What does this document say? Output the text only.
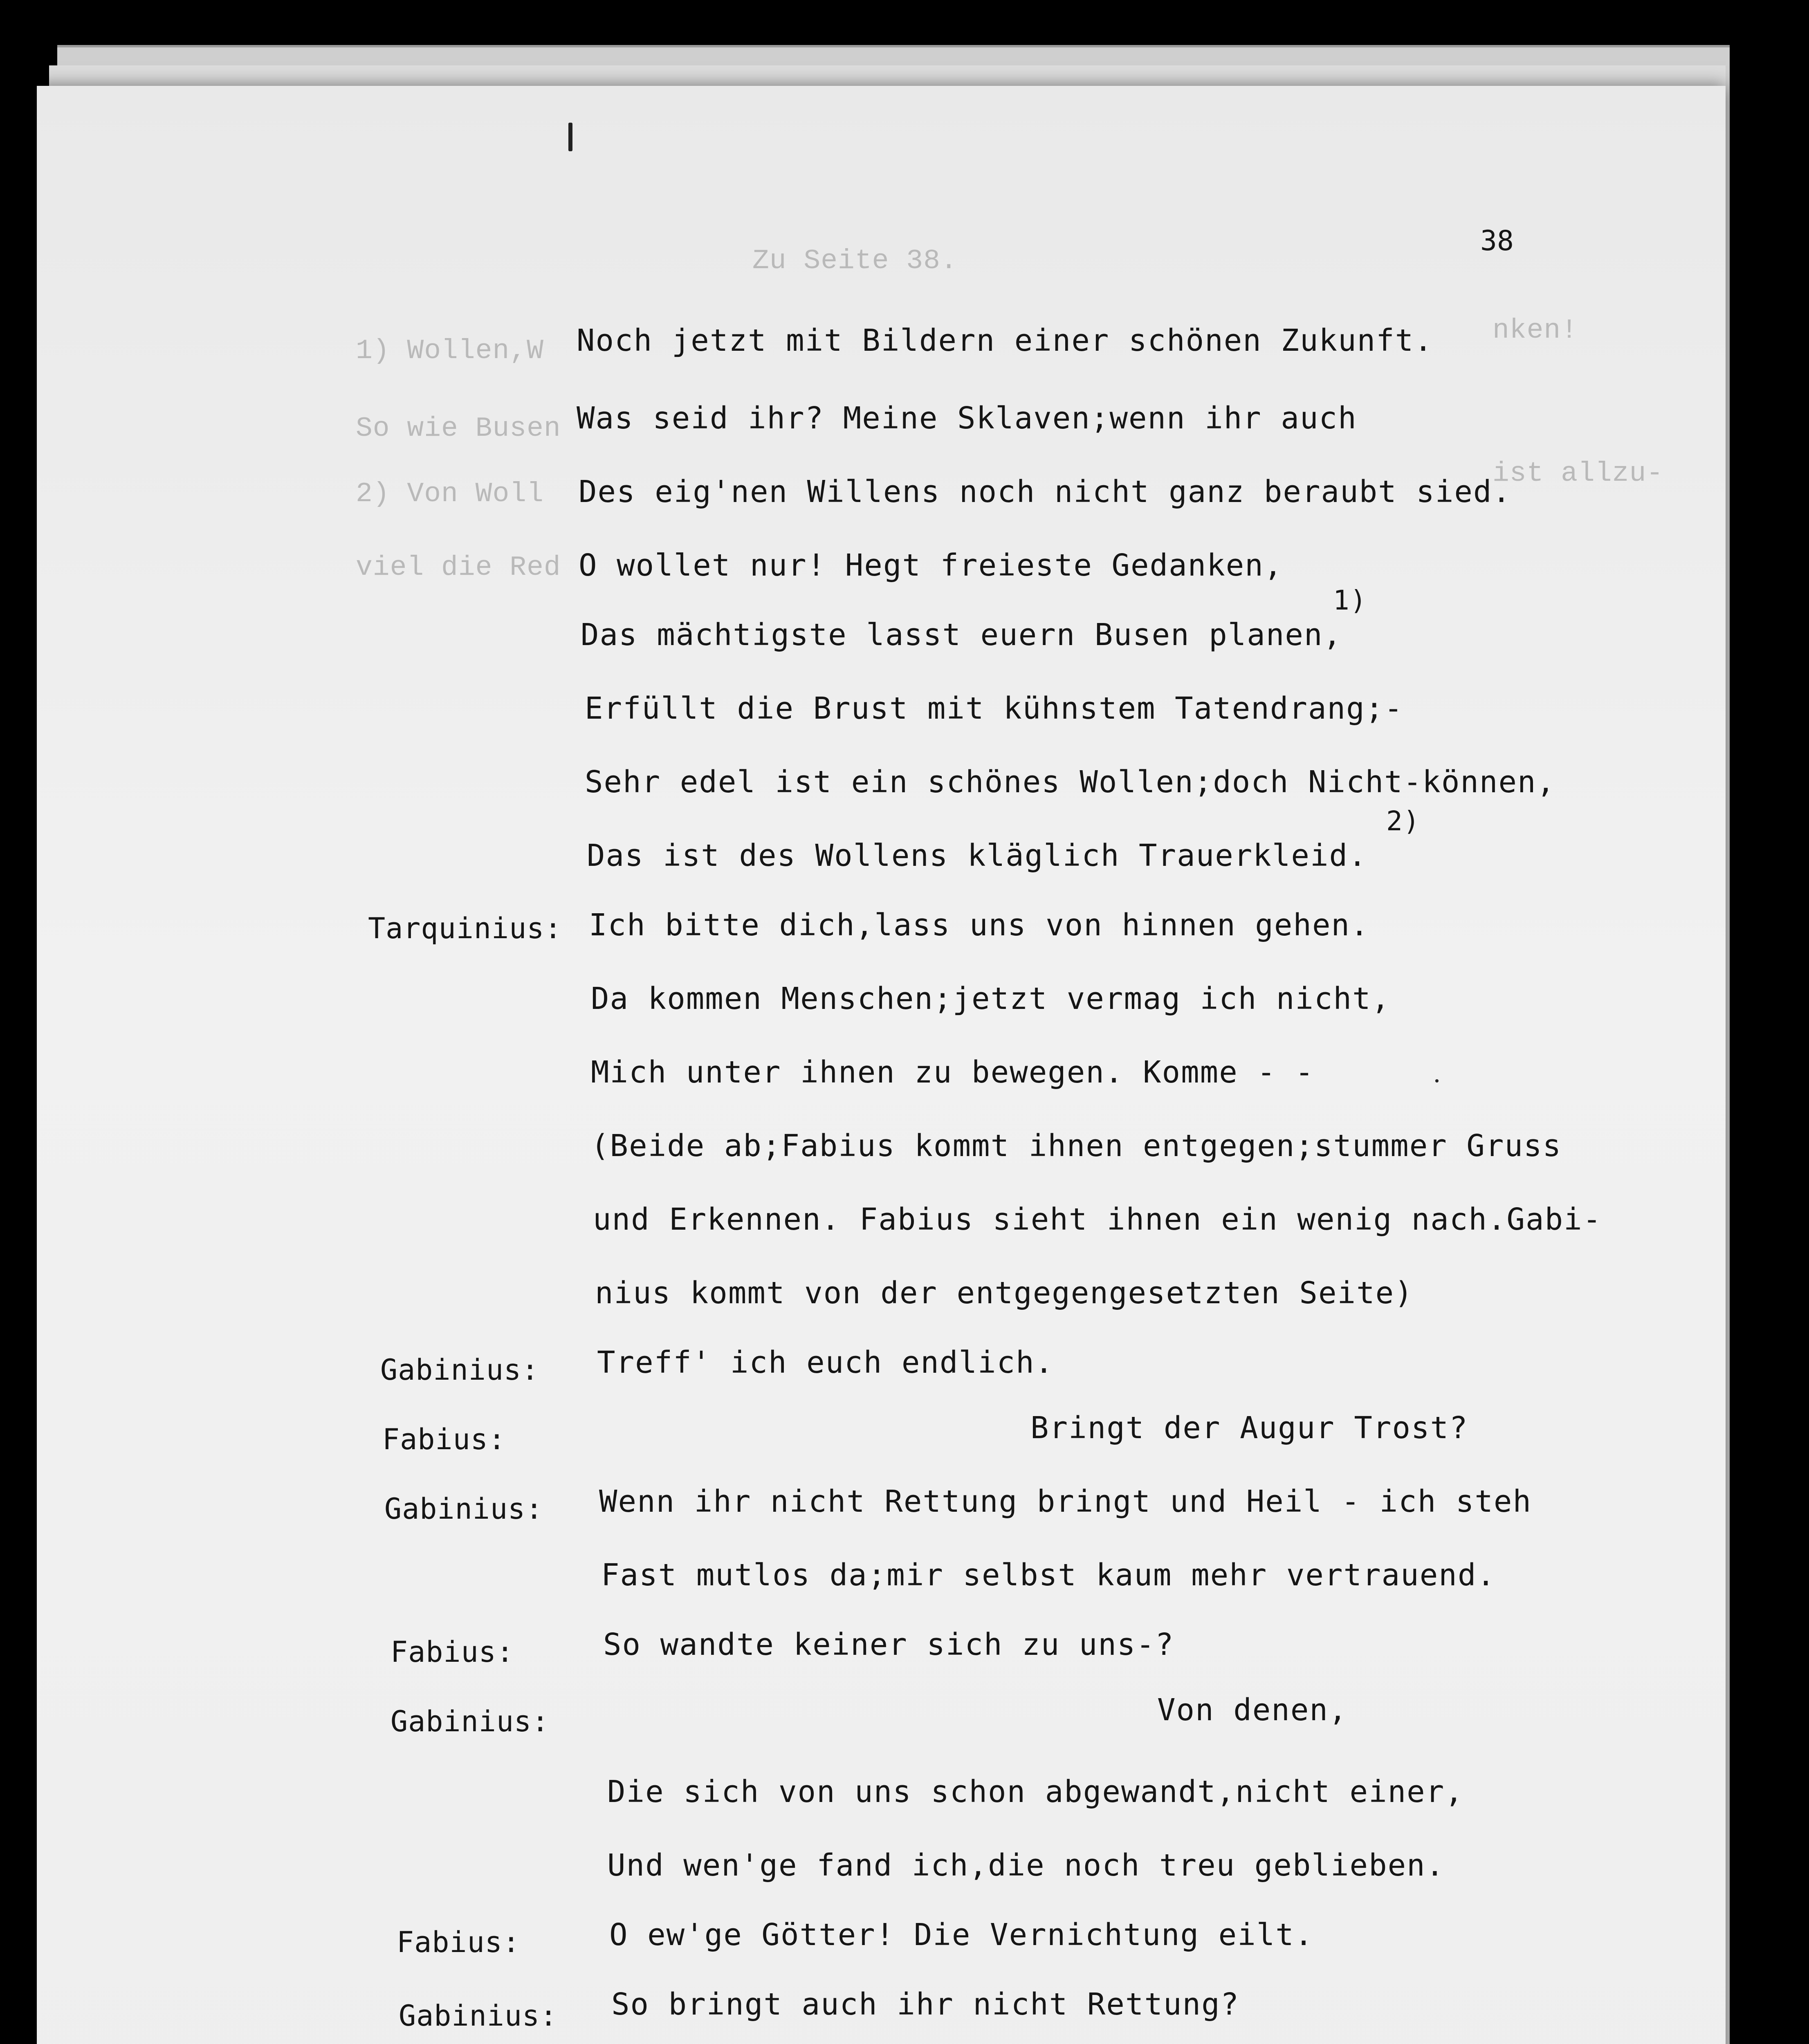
Zu Seite 38.
1) Wollen,W
nken!
So wie Busen
2) Von Woll
ist allzu-
viel die Red
38
Noch jetzt mit Bildern einer schönen Zukunft.
Was seid ihr? Meine Sklaven;wenn ihr auch
Des eig'nen Willens noch nicht ganz beraubt sied.
O wollet nur! Hegt freieste Gedanken,
Das mächtigste lasst euern Busen planen,
1)
Erfüllt die Brust mit kühnstem Tatendrang;-
Sehr edel ist ein schönes Wollen;doch Nicht-können,
Das ist des Wollens kläglich Trauerkleid.
2)
Tarquinius: Ich bitte dich,lass uns von hinnen gehen.
Da kommen Menschen;jetzt vermag ich nicht,
Mich unter ihnen zu bewegen. Komme - -
(Beide ab;Fabius kommt ihnen entgegen;stummer Gruss
und Erkennen. Fabius sieht ihnen ein wenig nach.Gabi-
nius kommt von der entgegengesetzten Seite)
Gabinius: Treff' ich euch endlich.
Fabius:	Bringt der Augur Trost?
Gabinius: Wenn ihr nicht Rettung bringt und Heil - ich steh
Fast mutlos da;mir selbst kaum mehr vertrauend.
Fabius:	So wandte keiner sich zu uns-?
Gabinius:	Von denen,
Die sich von uns schon abgewandt,nicht einer,
Und wen'ge fand ich,die noch treu geblieben.
Fabius:	O ew'ge Götter! Die Vernichtung eilt.
Gabinius: So bringt auch ihr nicht Rettung?
